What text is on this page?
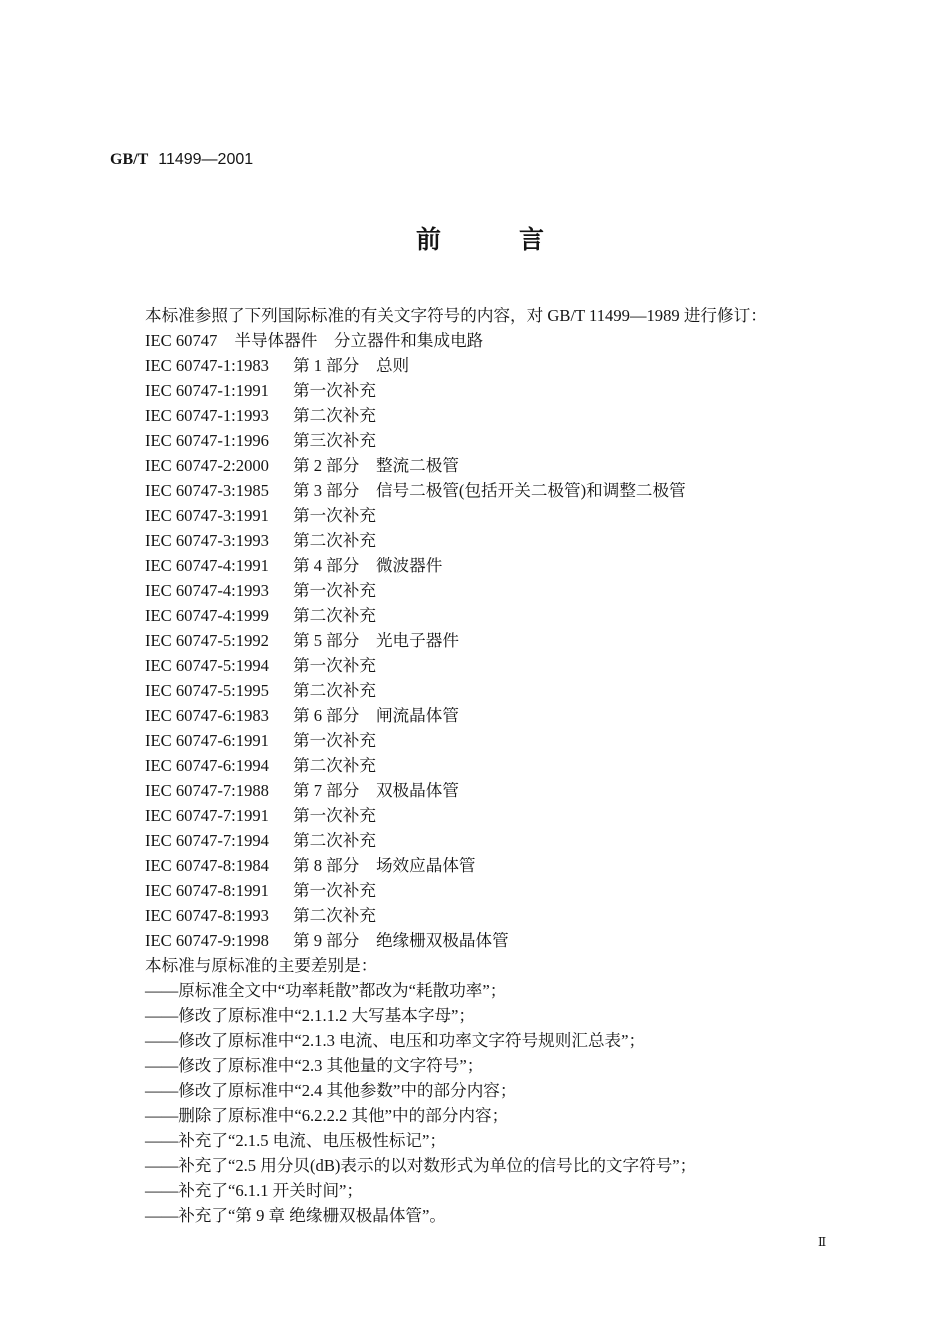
GB/T 11499—2001
前言
本标准参照了下列国际标准的有关文字符号的内容，对 GB/T 11499—1989 进行修订：
IEC 60747 半导体器件　分立器件和集成电路
IEC 60747-1:1983 第 1 部分　总则
IEC 60747-1:1991 第一次补充
IEC 60747-1:1993 第二次补充
IEC 60747-1:1996 第三次补充
IEC 60747-2:2000 第 2 部分　整流二极管
IEC 60747-3:1985 第 3 部分　信号二极管(包括开关二极管)和调整二极管
IEC 60747-3:1991 第一次补充
IEC 60747-3:1993 第二次补充
IEC 60747-4:1991 第 4 部分　微波器件
IEC 60747-4:1993 第一次补充
IEC 60747-4:1999 第二次补充
IEC 60747-5:1992 第 5 部分　光电子器件
IEC 60747-5:1994 第一次补充
IEC 60747-5:1995 第二次补充
IEC 60747-6:1983 第 6 部分　闸流晶体管
IEC 60747-6:1991 第一次补充
IEC 60747-6:1994 第二次补充
IEC 60747-7:1988 第 7 部分　双极晶体管
IEC 60747-7:1991 第一次补充
IEC 60747-7:1994 第二次补充
IEC 60747-8:1984 第 8 部分　场效应晶体管
IEC 60747-8:1991 第一次补充
IEC 60747-8:1993 第二次补充
IEC 60747-9:1998 第 9 部分　绝缘栅双极晶体管
本标准与原标准的主要差别是：
——原标准全文中“功率耗散”都改为“耗散功率”；
——修改了原标准中“2.1.1.2 大写基本字母”；
——修改了原标准中“2.1.3 电流、电压和功率文字符号规则汇总表”；
——修改了原标准中“2.3 其他量的文字符号”；
——修改了原标准中“2.4 其他参数”中的部分内容；
——删除了原标准中“6.2.2.2 其他”中的部分内容；
——补充了“2.1.5 电流、电压极性标记”；
——补充了“2.5 用分贝(dB)表示的以对数形式为单位的信号比的文字符号”；
——补充了“6.1.1 开关时间”；
——补充了“第 9 章 绝缘栅双极晶体管”。
Ⅱ
